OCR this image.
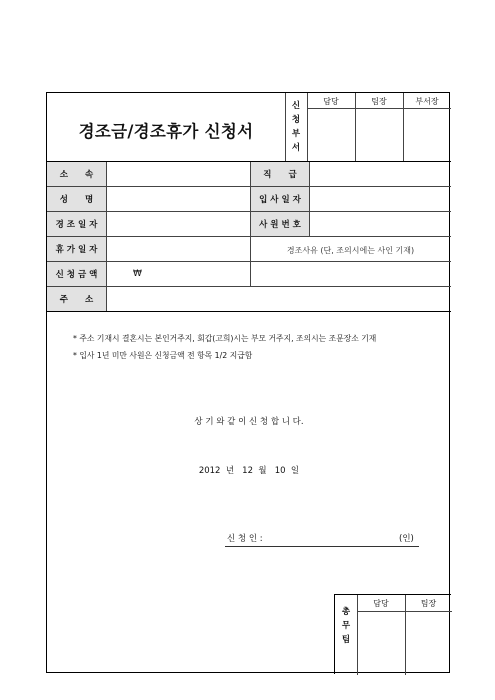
경조금/경조휴가 신청서
신
청
부
서
담당	팀장	부서장
소　　속	직　　급
성　　명	입 사 일 자
경 조 일 자	사 원 번 호
휴 가 일 자	경조사유 (단, 조의시에는 사인 기재)
신 청 금 액	₩
주　　소
* 주소 기재시 결혼시는 본인거주지, 회갑(고희)시는 부모 거주지, 조의시는 조문장소 기재
* 입사 1년 미만 사원은 신청금액 전 항목 1/2 지급함
상 기 와 같 이 신 청 합 니 다.
2012  년   12  월   10  일
신 청 인 :	(인)
총
무
팀
담당	팀장
